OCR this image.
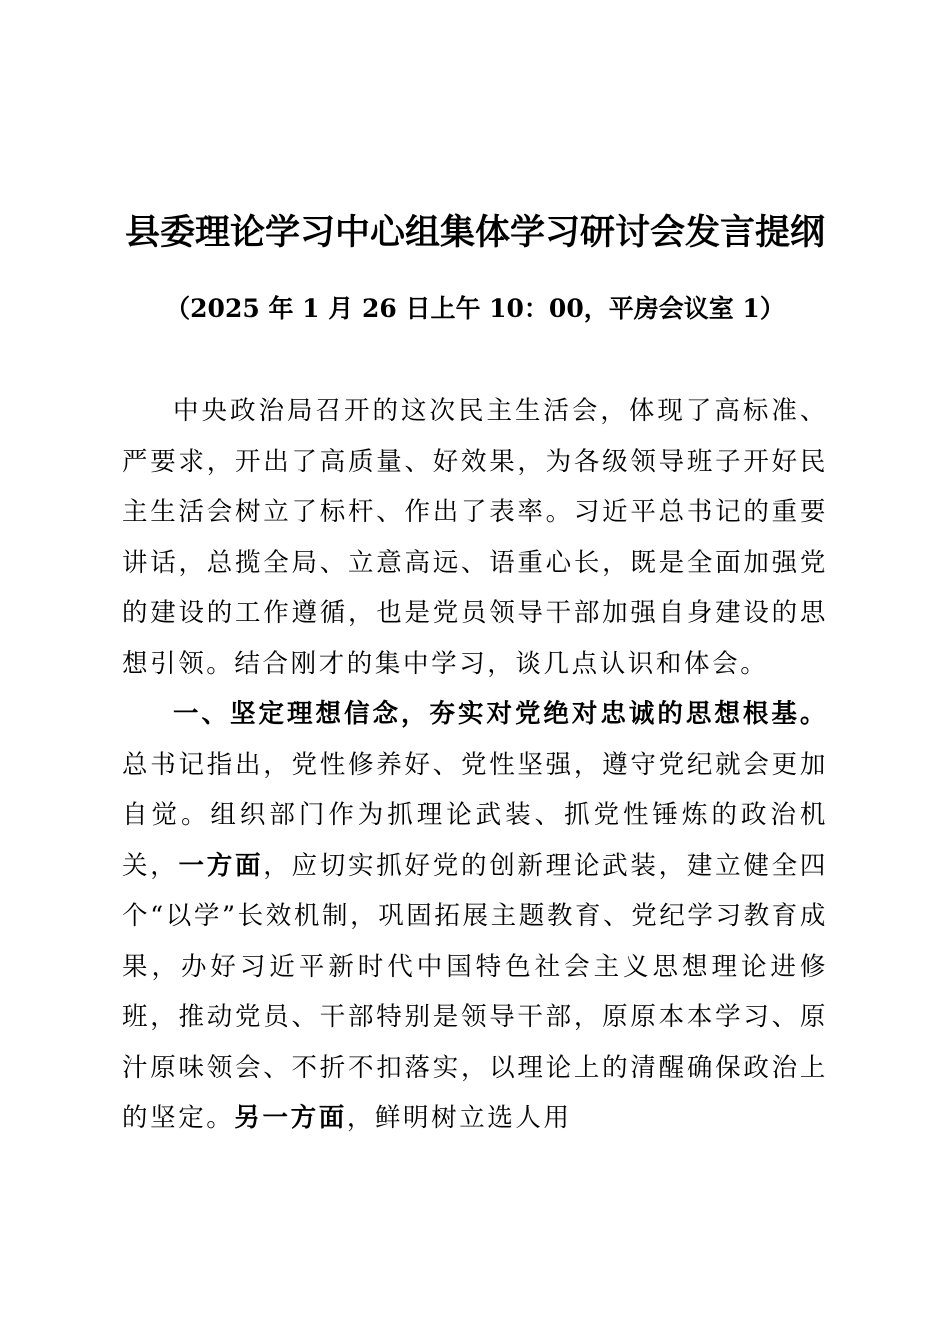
县委理论学习中心组集体学习研讨会发言提纲
（2025 年 1 月 26 日上午 10：00，平房会议室 1）

中央政治局召开的这次民主生活会，体现了高标准、严要求，开出了高质量、好效果，为各级领导班子开好民主生活会树立了标杆、作出了表率。习近平总书记的重要讲话，总揽全局、立意高远、语重心长，既是全面加强党的建设的工作遵循，也是党员领导干部加强自身建设的思想引领。结合刚才的集中学习，谈几点认识和体会。

一、坚定理想信念，夯实对党绝对忠诚的思想根基。总书记指出，党性修养好、党性坚强，遵守党纪就会更加自觉。组织部门作为抓理论武装、抓党性锤炼的政治机关，一方面，应切实抓好党的创新理论武装，建立健全四个“以学”长效机制，巩固拓展主题教育、党纪学习教育成果，办好习近平新时代中国特色社会主义思想理论进修班，推动党员、干部特别是领导干部，原原本本学习、原汁原味领会、不折不扣落实，以理论上的清醒确保政治上的坚定。另一方面，鲜明树立选人用
